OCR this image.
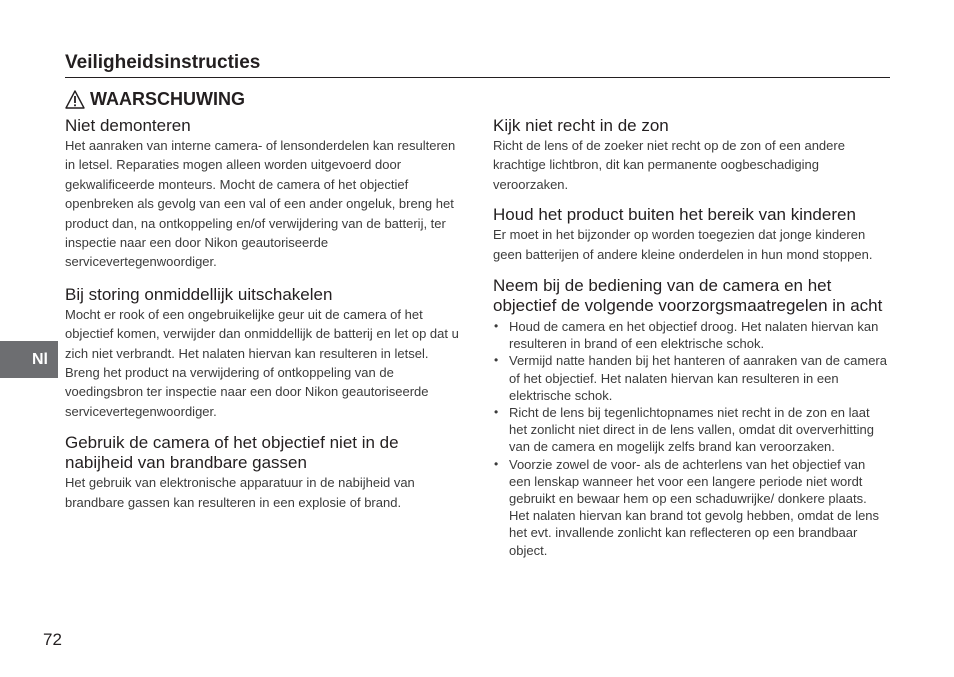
Veiligheidsinstructies
WAARSCHUWING
Niet demonteren

Het aanraken van interne camera- of lensonderdelen kan resulteren in letsel. Reparaties mogen alleen worden uitgevoerd door gekwalificeerde monteurs. Mocht de camera of het objectief openbreken als gevolg van een val of een ander ongeluk, breng het product dan, na ontkoppeling en/of verwijdering van de batterij, ter inspectie naar een door Nikon geautoriseerde servicevertegenwoordiger.

Bij storing onmiddellijk uitschakelen

Mocht er rook of een ongebruikelijke geur uit de camera of het objectief komen, verwijder dan onmiddellijk de batterij en let op dat u zich niet verbrandt. Het nalaten hiervan kan resulteren in letsel.

Breng het product na verwijdering of ontkoppeling van de voedingsbron ter inspectie naar een door Nikon geautoriseerde servicevertegenwoordiger.

Gebruik de camera of het objectief niet in de nabijheid van brandbare gassen

Het gebruik van elektronische apparatuur in de nabijheid van brandbare gassen kan resulteren in een explosie of brand.

Kijk niet recht in de zon

Richt de lens of de zoeker niet recht op de zon of een andere krachtige lichtbron, dit kan permanente oogbeschadiging veroorzaken.

Houd het product buiten het bereik van kinderen

Er moet in het bijzonder op worden toegezien dat jonge kinderen geen batterijen of andere kleine onderdelen in hun mond stoppen.

Neem bij de bediening van de camera en het objectief de volgende voorzorgsmaatregelen in acht
• Houd de camera en het objectief droog. Het nalaten hiervan kan resulteren in brand of een elektrische schok.
• Vermijd natte handen bij het hanteren of aanraken van de camera of het objectief. Het nalaten hiervan kan resulteren in een elektrische schok.
• Richt de lens bij tegenlichtopnames niet recht in de zon en laat het zonlicht niet direct in de lens vallen, omdat dit oververhitting van de camera en mogelijk zelfs brand kan veroorzaken.
• Voorzie zowel de voor- als de achterlens van het objectief van een lenskap wanneer het voor een langere periode niet wordt gebruikt en bewaar hem op een schaduwrijke/ donkere plaats. Het nalaten hiervan kan brand tot gevolg hebben, omdat de lens het evt. invallende zonlicht kan reflecteren op een brandbaar object.
Nl
72
